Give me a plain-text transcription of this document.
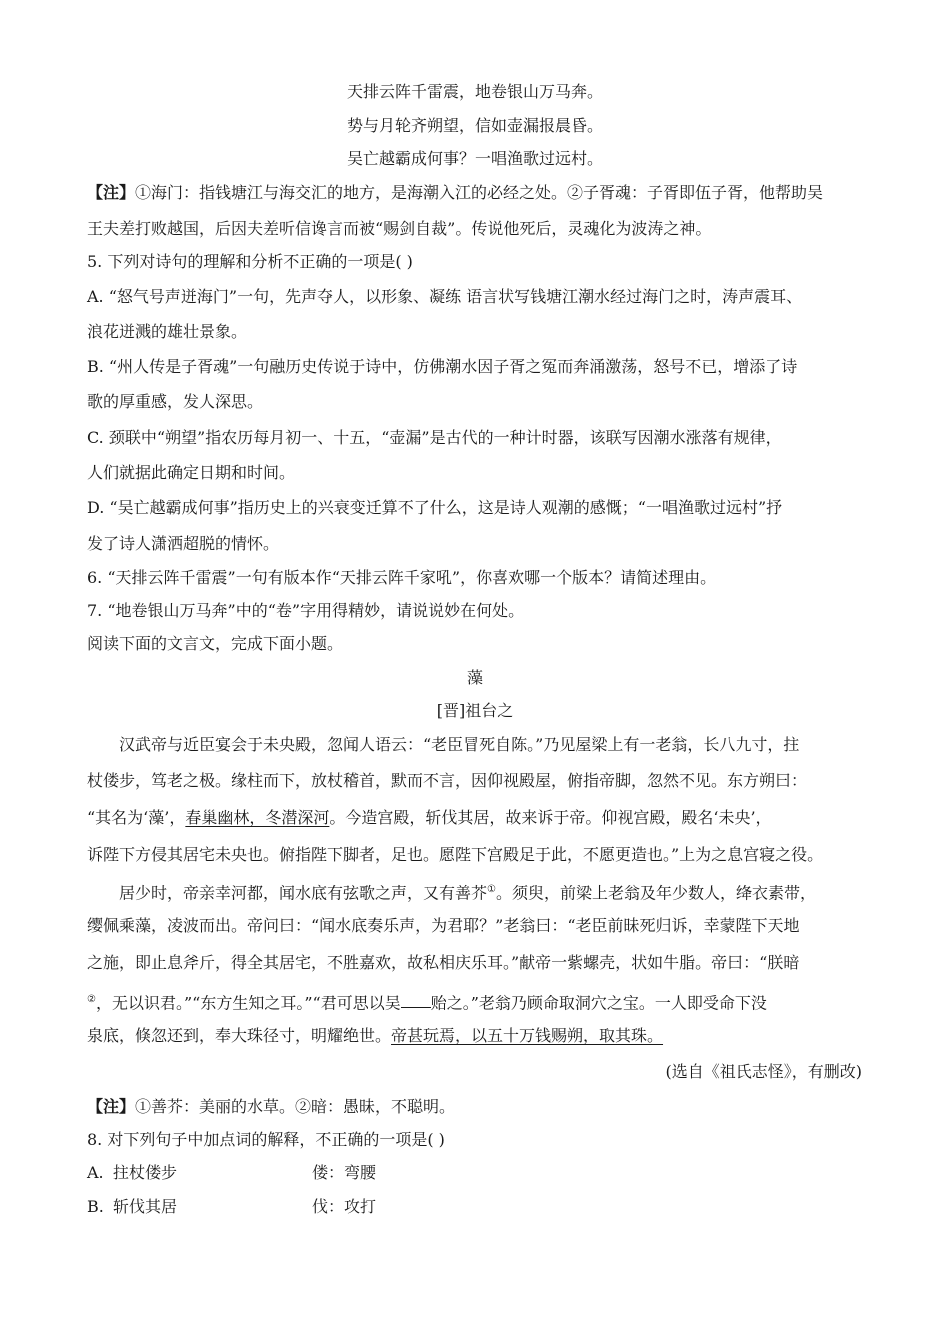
天排云阵千雷震，地卷银山万马奔。
势与月轮齐朔望，信如壶漏报晨昏。
吴亡越霸成何事？一唱渔歌过远村。
【注】①海门：指钱塘江与海交汇的地方，是海潮入江的必经之处。②子胥魂：子胥即伍子胥，他帮助吴
王夫差打败越国，后因夫差听信谗言而被“赐剑自裁”。传说他死后，灵魂化为波涛之神。
5. 下列对诗句的理解和分析不正确的一项是( )
A. “怒气号声迸海门”一句，先声夺人，以形象、凝练 语言状写钱塘江潮水经过海门之时，涛声震耳、
浪花迸溅的雄壮景象。
B. “州人传是子胥魂”一句融历史传说于诗中，仿佛潮水因子胥之冤而奔涌激荡，怒号不已，增添了诗
歌的厚重感，发人深思。
C. 颈联中“朔望”指农历每月初一、十五，“壶漏”是古代的一种计时器，该联写因潮水涨落有规律，
人们就据此确定日期和时间。
D. “吴亡越霸成何事”指历史上的兴衰变迁算不了什么，这是诗人观潮的感慨；“一唱渔歌过远村”抒
发了诗人潇洒超脱的情怀。
6. “天排云阵千雷震”一句有版本作“天排云阵千家吼”，你喜欢哪一个版本？请简述理由。
7. “地卷银山万马奔”中的“卷”字用得精妙，请说说妙在何处。
阅读下面的文言文，完成下面小题。
藻
[晋]祖台之
汉武帝与近臣宴会于未央殿，忽闻人语云：“老臣冒死自陈。”乃见屋梁上有一老翁，长八九寸，拄
杖偻步，笃老之极。缘柱而下，放杖稽首，默而不言，因仰视殿屋，俯指帝脚，忽然不见。东方朔曰：
“其名为‘藻’，春巢幽林，冬潜深河。今造宫殿，斩伐其居，故来诉于帝。仰视宫殿，殿名‘未央’，
诉陛下方侵其居宅未央也。俯指陛下脚者，足也。愿陛下宫殿足于此，不愿更造也。”上为之息宫寝之役。
居少时，帝亲幸河都，闻水底有弦歌之声，又有善芥①。须臾，前梁上老翁及年少数人，绛衣素带，
缨佩乘藻，凌波而出。帝问曰：“闻水底奏乐声，为君耶？”老翁曰：“老臣前昧死归诉，幸蒙陛下天地
之施，即止息斧斤，得全其居宅，不胜嘉欢，故私相庆乐耳。”献帝一紫螺壳，状如牛脂。帝曰：“朕暗
②，无以识君。”“东方生知之耳。”“君可思以吴 贻之。”老翁乃顾命取洞穴之宝。一人即受命下没
泉底，倏忽还到，奉大珠径寸，明耀绝世。帝甚玩焉，以五十万钱赐朔，取其珠。
(选自《祖氏志怪》，有删改)
【注】①善芥：美丽的水草。②暗：愚昧，不聪明。
8. 对下列句子中加点词的解释，不正确的一项是( )
A. 拄杖偻步	偻：弯腰
B. 斩伐其居	伐：攻打
